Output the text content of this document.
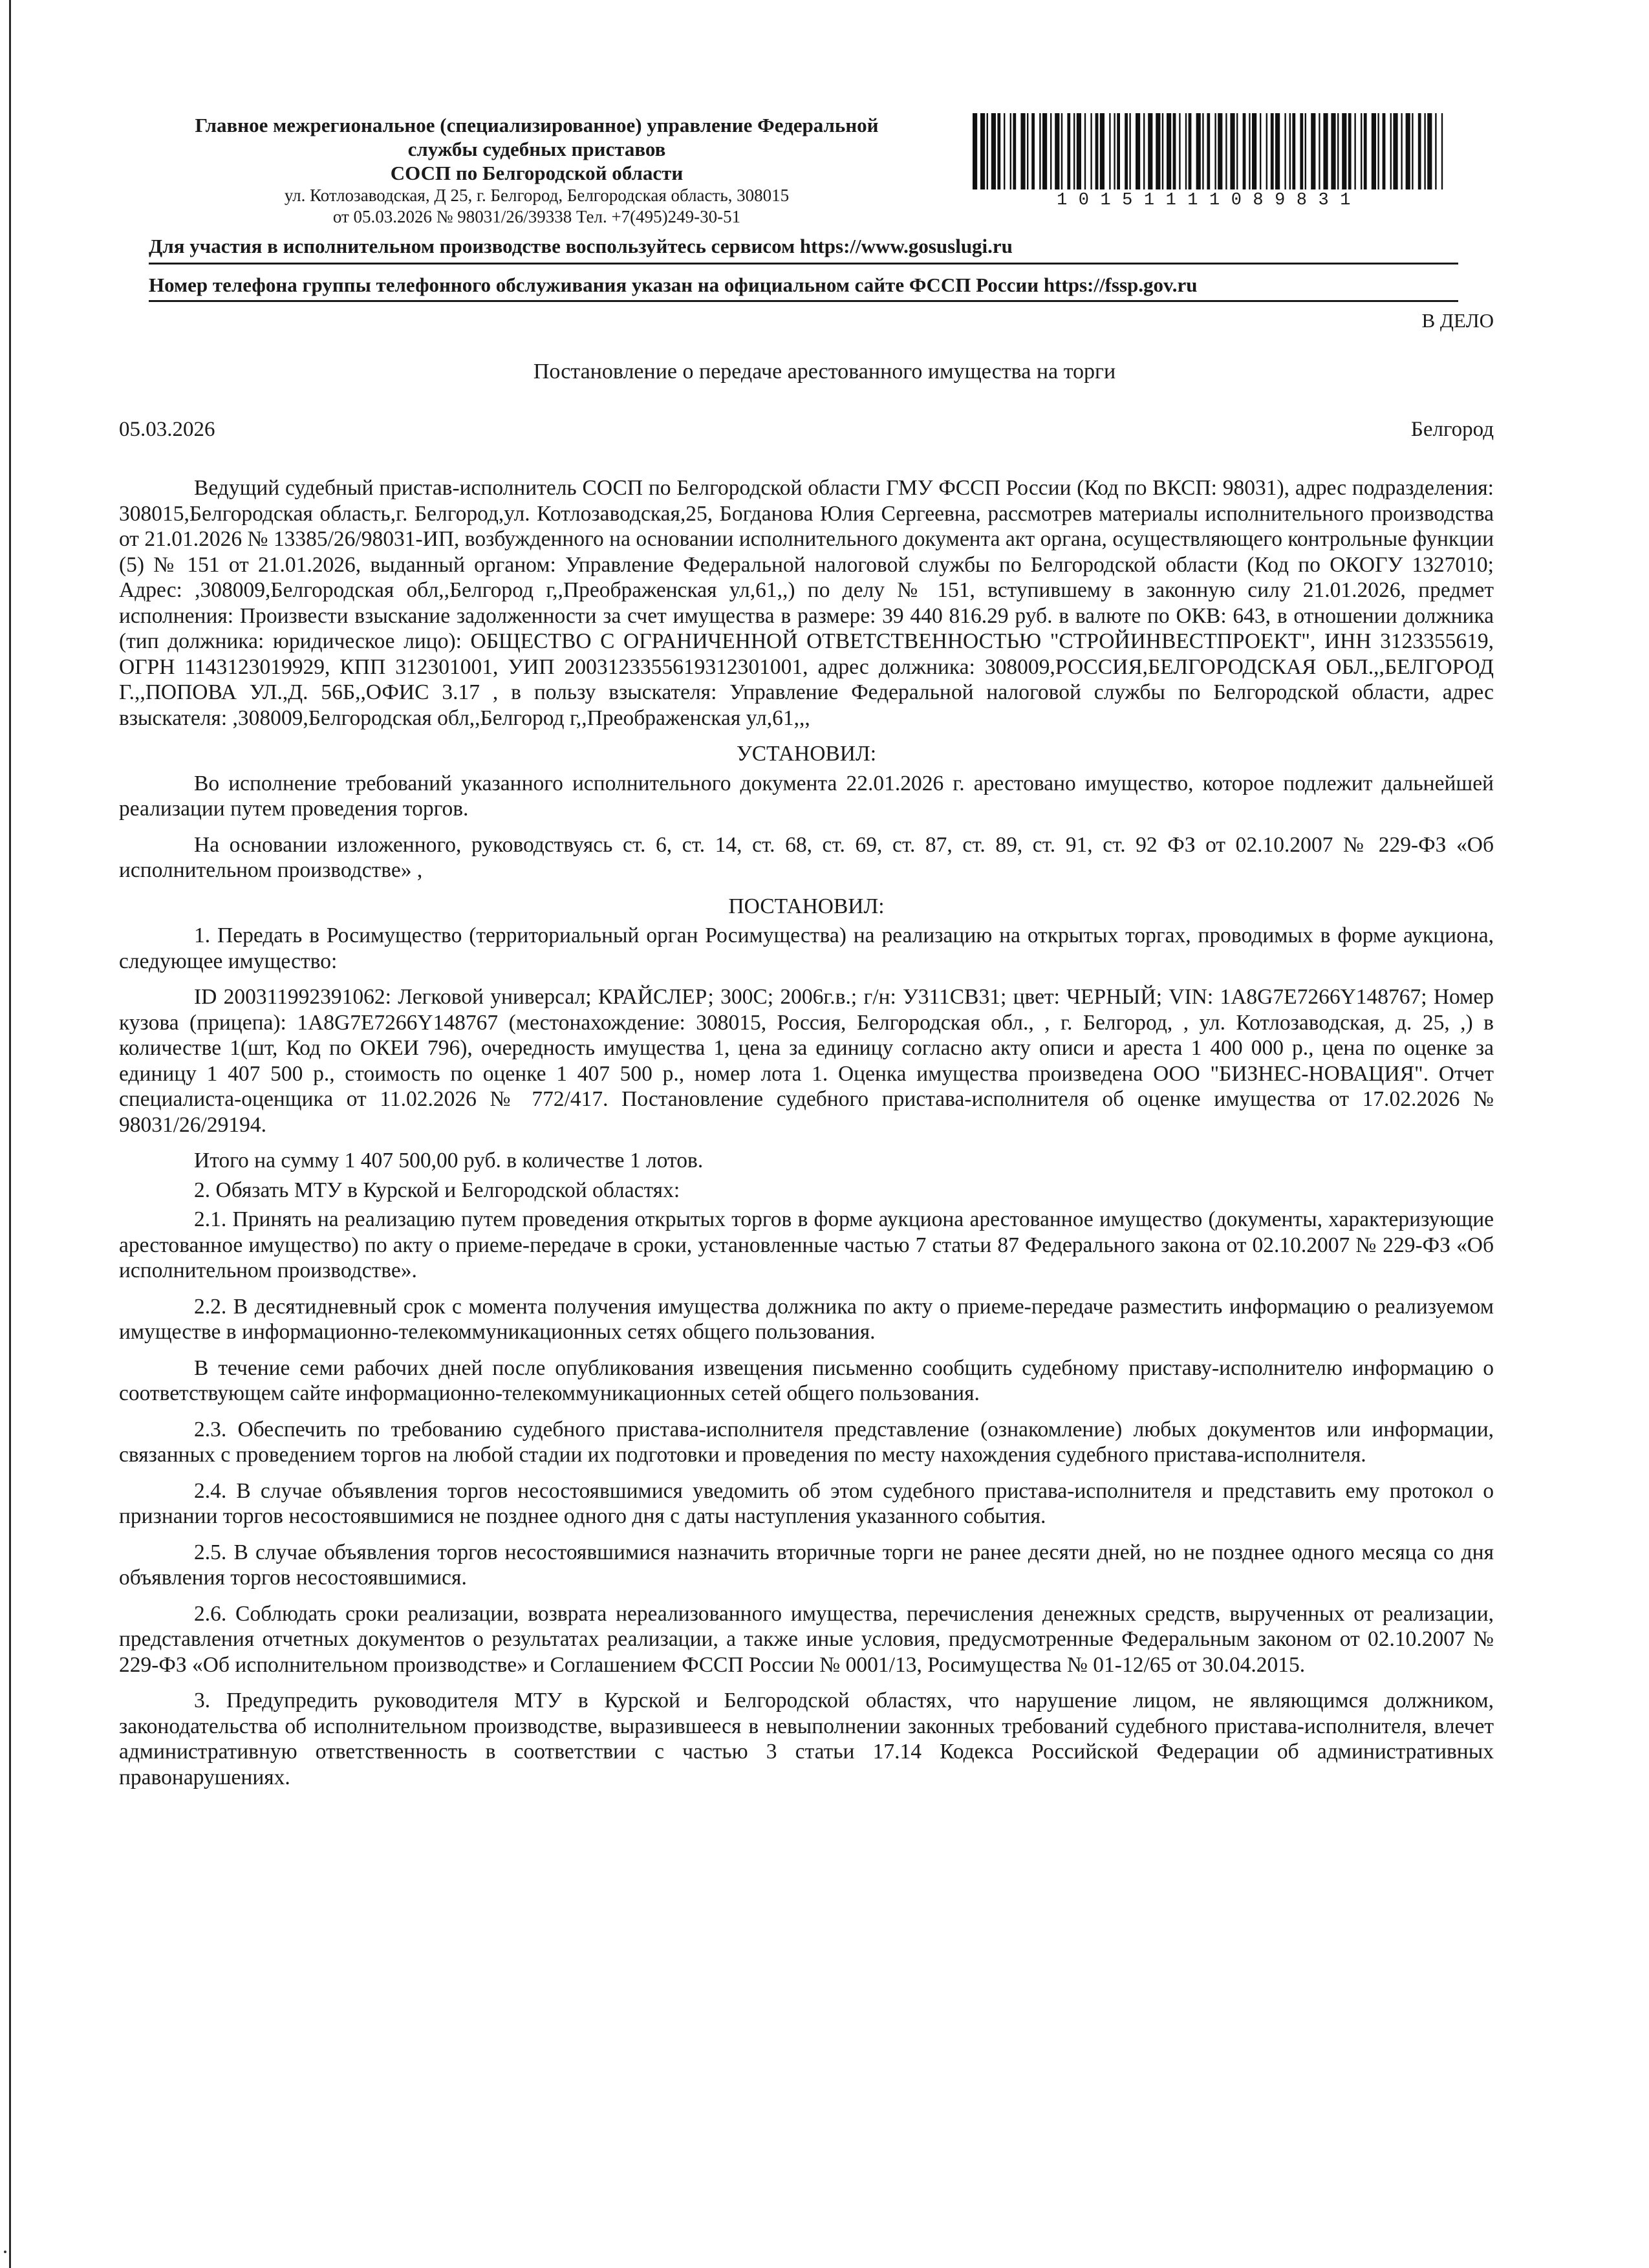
Главное межрегиональное (специализированное) управление Федеральной
службы судебных приставов
СОСП по Белгородской области
ул. Котлозаводская, Д 25, г. Белгород, Белгородская область, 308015
от 05.03.2026 № 98031/26/39338 Тел. +7(495)249-30-51
10151111089831
Для участия в исполнительном производстве воспользуйтесь сервисом https://www.gosuslugi.ru
Номер телефона группы телефонного обслуживания указан на официальном сайте ФССП России https://fssp.gov.ru
В ДЕЛО
Постановление о передаче арестованного имущества на торги
05.03.2026	Белгород

Ведущий судебный пристав-исполнитель СОСП по Белгородской области ГМУ ФССП России (Код по ВКСП: 98031), адрес подразделения: 308015,Белгородская область,г. Белгород,ул. Котлозаводская,25, Богданова Юлия Сергеевна, рассмотрев материалы исполнительного производства от 21.01.2026 № 13385/26/98031-ИП, возбужденного на основании исполнительного документа акт органа, осуществляющего контрольные функции (5) № 151 от 21.01.2026, выданный органом: Управление Федеральной налоговой службы по Белгородской области (Код по ОКОГУ 1327010; Адрес: ,308009,Белгородская обл,,Белгород г,,Преображенская ул,61,,) по делу № 151, вступившему в законную силу 21.01.2026, предмет исполнения: Произвести взыскание задолженности за счет имущества в размере: 39 440 816.29 руб. в валюте по ОКВ: 643, в отношении должника (тип должника: юридическое лицо): ОБЩЕСТВО С ОГРАНИЧЕННОЙ ОТВЕТСТВЕННОСТЬЮ "СТРОЙИНВЕСТПРОЕКТ", ИНН 3123355619, ОГРН 1143123019929, КПП 312301001, УИП 2003123355619312301001, адрес должника: 308009,РОССИЯ,БЕЛГОРОДСКАЯ ОБЛ.,,БЕЛГОРОД Г.,,ПОПОВА УЛ.,Д. 56Б,,ОФИС 3.17 , в пользу взыскателя: Управление Федеральной налоговой службы по Белгородской области, адрес взыскателя: ,308009,Белгородская обл,,Белгород г,,Преображенская ул,61,,,

УСТАНОВИЛ:

Во исполнение требований указанного исполнительного документа 22.01.2026 г. арестовано имущество, которое подлежит дальнейшей реализации путем проведения торгов.

На основании изложенного, руководствуясь ст. 6, ст. 14, ст. 68, ст. 69, ст. 87, ст. 89, ст. 91, ст. 92 ФЗ от 02.10.2007 № 229-ФЗ «Об исполнительном производстве» ,

ПОСТАНОВИЛ:

1. Передать в Росимущество (территориальный орган Росимущества) на реализацию на открытых торгах, проводимых в форме аукциона, следующее имущество:

ID 200311992391062: Легковой универсал; КРАЙСЛЕР; 300С; 2006г.в.; г/н: У311СВ31; цвет: ЧЕРНЫЙ; VIN: 1A8G7E7266Y148767; Номер кузова (прицепа): 1A8G7E7266Y148767 (местонахождение: 308015, Россия, Белгородская обл., , г. Белгород, , ул. Котлозаводская, д. 25, ,) в количестве 1(шт, Код по ОКЕИ 796), очередность имущества 1, цена за единицу согласно акту описи и ареста 1 400 000 р., цена по оценке за единицу 1 407 500 р., стоимость по оценке 1 407 500 р., номер лота 1. Оценка имущества произведена ООО "БИЗНЕС-НОВАЦИЯ". Отчет специалиста-оценщика от 11.02.2026 № 772/417. Постановление судебного пристава-исполнителя об оценке имущества от 17.02.2026 № 98031/26/29194.

Итого на сумму 1 407 500,00 руб. в количестве 1 лотов.

2. Обязать МТУ в Курской и Белгородской областях:

2.1. Принять на реализацию путем проведения открытых торгов в форме аукциона арестованное имущество (документы, характеризующие арестованное имущество) по акту о приеме-передаче в сроки, установленные частью 7 статьи 87 Федерального закона от 02.10.2007 № 229-ФЗ «Об исполнительном производстве».

2.2. В десятидневный срок с момента получения имущества должника по акту о приеме-передаче разместить информацию о реализуемом имуществе в информационно-телекоммуникационных сетях общего пользования.

В течение семи рабочих дней после опубликования извещения письменно сообщить судебному приставу-исполнителю информацию о соответствующем сайте информационно-телекоммуникационных сетей общего пользования.

2.3. Обеспечить по требованию судебного пристава-исполнителя представление (ознакомление) любых документов или информации, связанных с проведением торгов на любой стадии их подготовки и проведения по месту нахождения судебного пристава-исполнителя.

2.4. В случае объявления торгов несостоявшимися уведомить об этом судебного пристава-исполнителя и представить ему протокол о признании торгов несостоявшимися не позднее одного дня с даты наступления указанного события.

2.5. В случае объявления торгов несостоявшимися назначить вторичные торги не ранее десяти дней, но не позднее одного месяца со дня объявления торгов несостоявшимися.

2.6. Соблюдать сроки реализации, возврата нереализованного имущества, перечисления денежных средств, вырученных от реализации, представления отчетных документов о результатах реализации, а также иные условия, предусмотренные Федеральным законом от 02.10.2007 № 229-ФЗ «Об исполнительном производстве» и Соглашением ФССП России № 0001/13, Росимущества № 01-12/65 от 30.04.2015.

3. Предупредить руководителя МТУ в Курской и Белгородской областях, что нарушение лицом, не являющимся должником, законодательства об исполнительном производстве, выразившееся в невыполнении законных требований судебного пристава-исполнителя, влечет административную ответственность в соответствии с частью 3 статьи 17.14 Кодекса Российской Федерации об административных правонарушениях.
